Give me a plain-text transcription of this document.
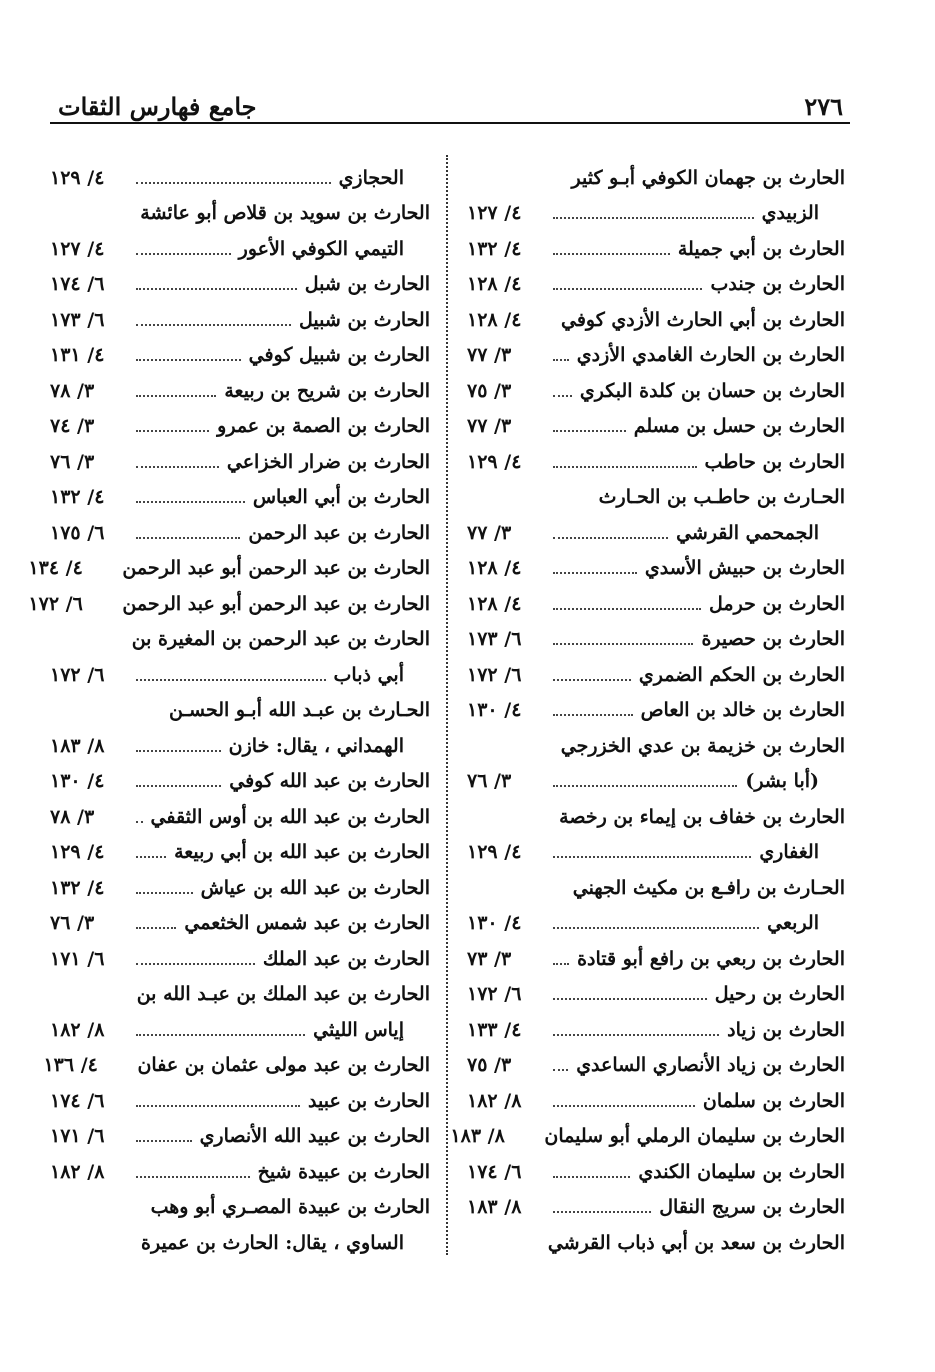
٢٧٦
جامع فهارس الثقات
الحارث بن جهمان الكوفي أبـو كثير
الزبيدي
٤/ ١٢٧
الحارث بن أبي جميلة
٤/ ١٣٢
الحارث بن جندب
٤/ ١٢٨
الحارث بن أبي الحارث الأزدي كوفي
٤/ ١٢٨
الحارث بن الحارث الغامدي الأزدي
٣/ ٧٧
الحارث بن حسان بن كلدة البكري
٣/ ٧٥
الحارث بن حسل بن مسلم
٣/ ٧٧
الحارث بن حاطب
٤/ ١٢٩
الحـارث بن حاطـب بن الحـارث
الجمحمي القرشي
٣/ ٧٧
الحارث بن حبيش الأسدي
٤/ ١٢٨
الحارث بن حرمل
٤/ ١٢٨
الحارث بن حصيرة
٦/ ١٧٣
الحارث بن الحكم الضمري
٦/ ١٧٢
الحارث بن خالد بن العاص
٤/ ١٣٠
الحارث بن خزيمة بن عدي الخزرجي
(أبا بشر)
٣/ ٧٦
الحارث بن خفاف بن إيماء بن رخصة
الغفاري
٤/ ١٢٩
الحـارث بن رافـع بن مكيث الجهني
الربعي
٤/ ١٣٠
الحارث بن ربعي بن رافع أبو قتادة
٣/ ٧٣
الحارث بن رحيل
٦/ ١٧٢
الحارث بن زياد
٤/ ١٣٣
الحارث بن زياد الأنصاري الساعدي
٣/ ٧٥
الحارث بن سلمان
٨/ ١٨٢
الحارث بن سليمان الرملي أبو سليمان
٨/ ١٨٣
الحارث بن سليمان الكندي
٦/ ١٧٤
الحارث بن سريج النقال
٨/ ١٨٣
الحارث بن سعد بن أبي ذباب القرشي
الحجازي
٤/ ١٢٩
الحارث بن سويد بن قلاص أبو عائشة
التيمي الكوفي الأعور
٤/ ١٢٧
الحارث بن شبل
٦/ ١٧٤
الحارث بن شبيل
٦/ ١٧٣
الحارث بن شبيل كوفي
٤/ ١٣١
الحارث بن شريح بن ربيعة
٣/ ٧٨
الحارث بن الصمة بن عمرو
٣/ ٧٤
الحارث بن ضرار الخزاعي
٣/ ٧٦
الحارث بن أبي العباس
٤/ ١٣٢
الحارث بن عبد الرحمن
٦/ ١٧٥
الحارث بن عبد الرحمن أبو عبد الرحمن
٤/ ١٣٤
الحارث بن عبد الرحمن أبو عبد الرحمن
٦/ ١٧٢
الحارث بن عبد الرحمن بن المغيرة بن
أبي ذباب
٦/ ١٧٢
الحـارث بن عبـد الله أبـو الحسـن
الهمداني ، يقال: خازن
٨/ ١٨٣
الحارث بن عبد الله كوفي
٤/ ١٣٠
الحارث بن عبد الله بن أوس الثقفي
٣/ ٧٨
الحارث بن عبد الله بن أبي ربيعة
٤/ ١٢٩
الحارث بن عبد الله بن عياش
٤/ ١٣٢
الحارث بن عبد شمس الخثعمي
٣/ ٧٦
الحارث بن عبد الملك
٦/ ١٧١
الحارث بن عبد الملك بن عبـد الله بن
إياس الليثي
٨/ ١٨٢
الحارث بن عبد مولى عثمان بن عفان
٤/ ١٣٦
الحارث بن عبيد
٦/ ١٧٤
الحارث بن عبيد الله الأنصاري
٦/ ١٧١
الحارث بن عبيدة شيخ
٨/ ١٨٢
الحارث بن عبيدة المصـري أبو وهب
الساوي ، يقال: الحارث بن عميرة
